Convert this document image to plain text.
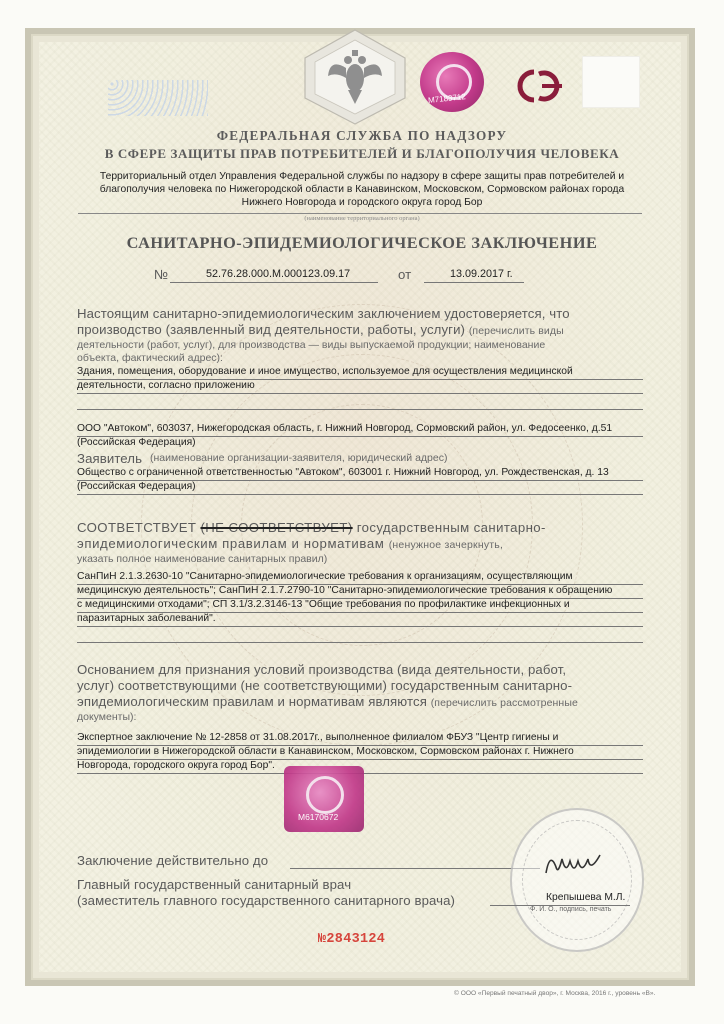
M7183712
ФЕДЕРАЛЬНАЯ СЛУЖБА ПО НАДЗОРУ
В СФЕРЕ ЗАЩИТЫ ПРАВ ПОТРЕБИТЕЛЕЙ И БЛАГОПОЛУЧИЯ ЧЕЛОВЕКА
Территориальный отдел Управления Федеральной службы по надзору в сфере защиты прав потребителей и
благополучия человека по Нижегородской области в Канавинском, Московском, Сормовском районах города
Нижнего Новгорода и городского округа город Бор
(наименование территориального органа)
САНИТАРНО-ЭПИДЕМИОЛОГИЧЕСКОЕ ЗАКЛЮЧЕНИЕ
№	52.76.28.000.М.000123.09.17	от	13.09.2017 г.
Настоящим санитарно-эпидемиологическим заключением удостоверяется, что
производство (заявленный вид деятельности, работы, услуги) (перечислить виды
деятельности (работ, услуг), для производства — виды выпускаемой продукции; наименование
объекта, фактический адрес):
Здания, помещения, оборудование и иное имущество, используемое для осуществления медицинской
деятельности, согласно приложению
ООО "Автоком", 603037, Нижегородская область, г. Нижний Новгород, Сормовский район, ул. Федосеенко, д.51
(Российская Федерация)
Заявитель (наименование организации-заявителя, юридический адрес)
Общество с ограниченной ответственностью "Автоком", 603001 г. Нижний Новгород, ул. Рождественская, д. 13
(Российская Федерация)
СООТВЕТСТВУЕТ (НЕ СООТВЕТСТВУЕТ) государственным санитарно-
эпидемиологическим правилам и нормативам (ненужное зачеркнуть,
указать полное наименование санитарных правил)
СанПиН 2.1.3.2630-10 "Санитарно-эпидемиологические требования к организациям, осуществляющим
медицинскую деятельность"; СанПиН 2.1.7.2790-10 "Санитарно-эпидемиологические требования к обращению
с медицинскими отходами"; СП 3.1/3.2.3146-13 "Общие требования по профилактике инфекционных и
паразитарных заболеваний".
Основанием для признания условий производства (вида деятельности, работ,
услуг) соответствующими (не соответствующими) государственным санитарно-
эпидемиологическим правилам и нормативам являются (перечислить рассмотренные
документы):
Экспертное заключение № 12-2858 от 31.08.2017г., выполненное филиалом ФБУЗ "Центр гигиены и
эпидемиологии в Нижегородской области в Канавинском, Московском, Сормовском районах г. Нижнего
Новгорода, городского округа город Бор".
M6170672
Заключение действительно до
Главный государственный санитарный врач
(заместитель главного государственного санитарного врача)	Крепышева М.Л.
Ф. И. О., подпись, печать
№2843124
© ООО «Первый печатный двор», г. Москва, 2016 г., уровень «В».
